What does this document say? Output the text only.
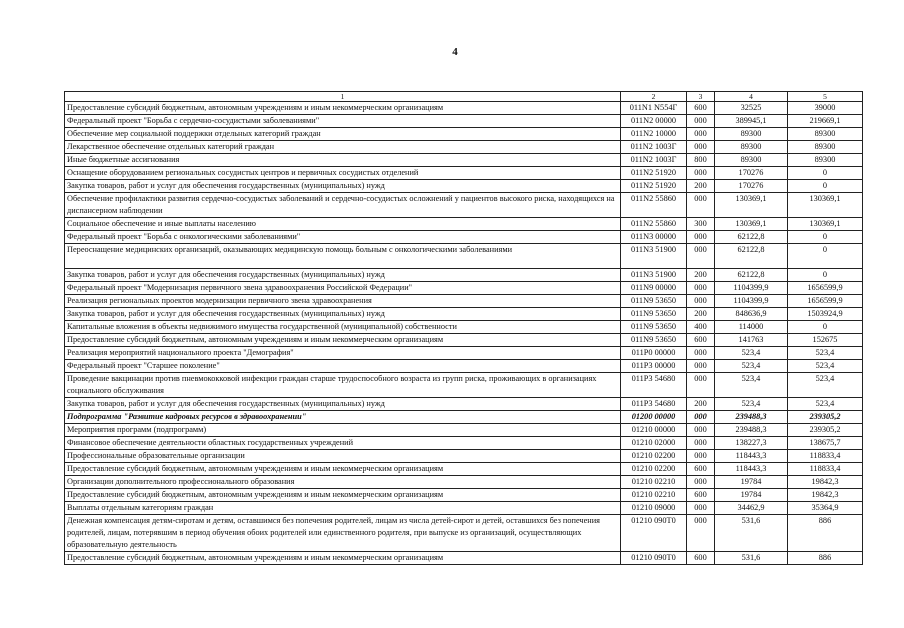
4
1	2	3	4	5
Предоставление субсидий бюджетным, автономным учреждениям и иным некоммерческим организациям	011N1 N554Г	600	32525	39000
Федеральный проект "Борьба с сердечно-сосудистыми заболеваниями"	011N2 00000	000	389945,1	219669,1
Обеспечение мер социальной поддержки отдельных категорий граждан	011N2 10000	000	89300	89300
Лекарственное обеспечение отдельных категорий граждан	011N2 1003Г	000	89300	89300
Иные бюджетные ассигнования	011N2 1003Г	800	89300	89300
Оснащение оборудованием региональных сосудистых центров и первичных сосудистых отделений	011N2 51920	000	170276	0
Закупка товаров, работ и услуг для обеспечения государственных (муниципальных) нужд	011N2 51920	200	170276	0
Обеспечение профилактики развития сердечно-сосудистых заболеваний и сердечно-сосудистых осложнений у пациентов высокого риска, находящихся на диспансерном наблюдении	011N2 55860	000	130369,1	130369,1
Социальное обеспечение и иные выплаты населению	011N2 55860	300	130369,1	130369,1
Федеральный проект "Борьба с онкологическими заболеваниями"	011N3 00000	000	62122,8	0
Переоснащение медицинских организаций, оказывающих медицинскую помощь больным с онкологическими заболеваниями	011N3 51900	000	62122,8	0
Закупка товаров, работ и услуг для обеспечения государственных (муниципальных) нужд	011N3 51900	200	62122,8	0
Федеральный проект "Модернизация первичного звена здравоохранения Российской Федерации"	011N9 00000	000	1104399,9	1656599,9
Реализация региональных проектов модернизации первичного звена здравоохранения	011N9 53650	000	1104399,9	1656599,9
Закупка товаров, работ и услуг для обеспечения государственных (муниципальных) нужд	011N9 53650	200	848636,9	1503924,9
Капитальные вложения в объекты недвижимого имущества государственной (муниципальной) собственности	011N9 53650	400	114000	0
Предоставление субсидий бюджетным, автономным учреждениям и иным некоммерческим организациям	011N9 53650	600	141763	152675
Реализация мероприятий национального проекта "Демография"	011P0 00000	000	523,4	523,4
Федеральный проект "Старшее поколение"	011P3 00000	000	523,4	523,4
Проведение вакцинации против пневмококковой инфекции граждан старше трудоспособного возраста из групп риска, проживающих в организациях социального обслуживания	011P3 54680	000	523,4	523,4
Закупка товаров, работ и услуг для обеспечения государственных (муниципальных) нужд	011P3 54680	200	523,4	523,4
Подпрограмма "Развитие кадровых ресурсов в здравоохранении"	01200 00000	000	239488,3	239305,2
Мероприятия программ (подпрограмм)	01210 00000	000	239488,3	239305,2
Финансовое обеспечение деятельности областных государственных учреждений	01210 02000	000	138227,3	138675,7
Профессиональные образовательные организации	01210 02200	000	118443,3	118833,4
Предоставление субсидий бюджетным, автономным учреждениям и иным некоммерческим организациям	01210 02200	600	118443,3	118833,4
Организации дополнительного профессионального образования	01210 02210	000	19784	19842,3
Предоставление субсидий бюджетным, автономным учреждениям и иным некоммерческим организациям	01210 02210	600	19784	19842,3
Выплаты отдельным категориям граждан	01210 09000	000	34462,9	35364,9
Денежная компенсация детям-сиротам и детям, оставшимся без попечения родителей, лицам из числа детей-сирот и детей, оставшихся без попечения родителей, лицам, потерявшим в период обучения обоих родителей или единственного родителя, при выпуске из организаций, осуществляющих образовательную деятельность	01210 090T0	000	531,6	886
Предоставление субсидий бюджетным, автономным учреждениям и иным некоммерческим организациям	01210 090T0	600	531,6	886
